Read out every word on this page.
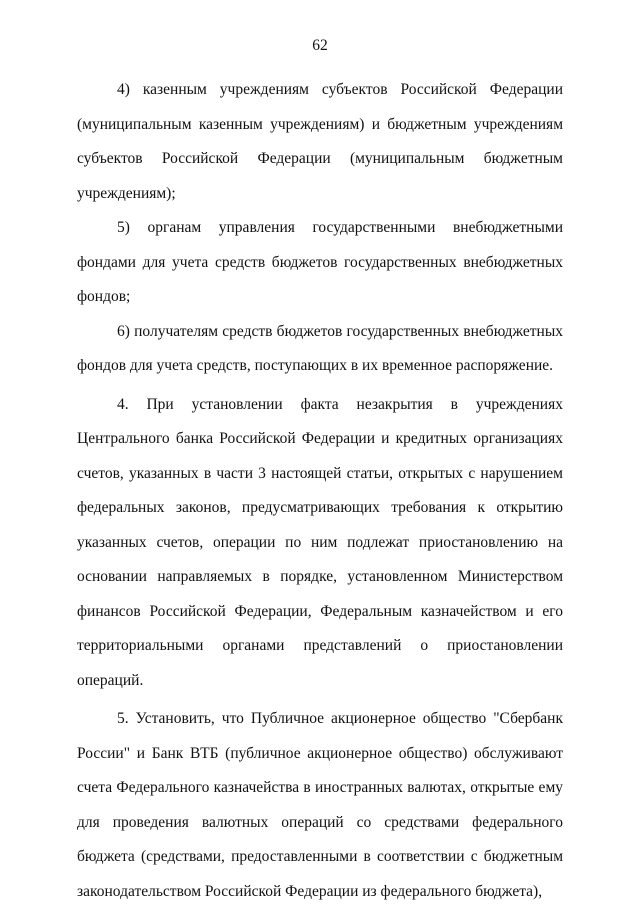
62

4) казенным учреждениям субъектов Российской Федерации (муниципальным казенным учреждениям) и бюджетным учреждениям субъектов Российской Федерации (муниципальным бюджетным учреждениям);

5) органам управления государственными внебюджетными фондами для учета средств бюджетов государственных внебюджетных фондов;

6) получателям средств бюджетов государственных внебюджетных фондов для учета средств, поступающих в их временное распоряжение.

4. При установлении факта незакрытия в учреждениях Центрального банка Российской Федерации и кредитных организациях счетов, указанных в части 3 настоящей статьи, открытых с нарушением федеральных законов, предусматривающих требования к открытию указанных счетов, операции по ним подлежат приостановлению на основании направляемых в порядке, установленном Министерством финансов Российской Федерации, Федеральным казначейством и его территориальными органами представлений о приостановлении операций.

5. Установить, что Публичное акционерное общество "Сбербанк России" и Банк ВТБ (публичное акционерное общество) обслуживают счета Федерального казначейства в иностранных валютах, открытые ему для проведения валютных операций со средствами федерального бюджета (средствами, предоставленными в соответствии с бюджетным законодательством Российской Федерации из федерального бюджета),
